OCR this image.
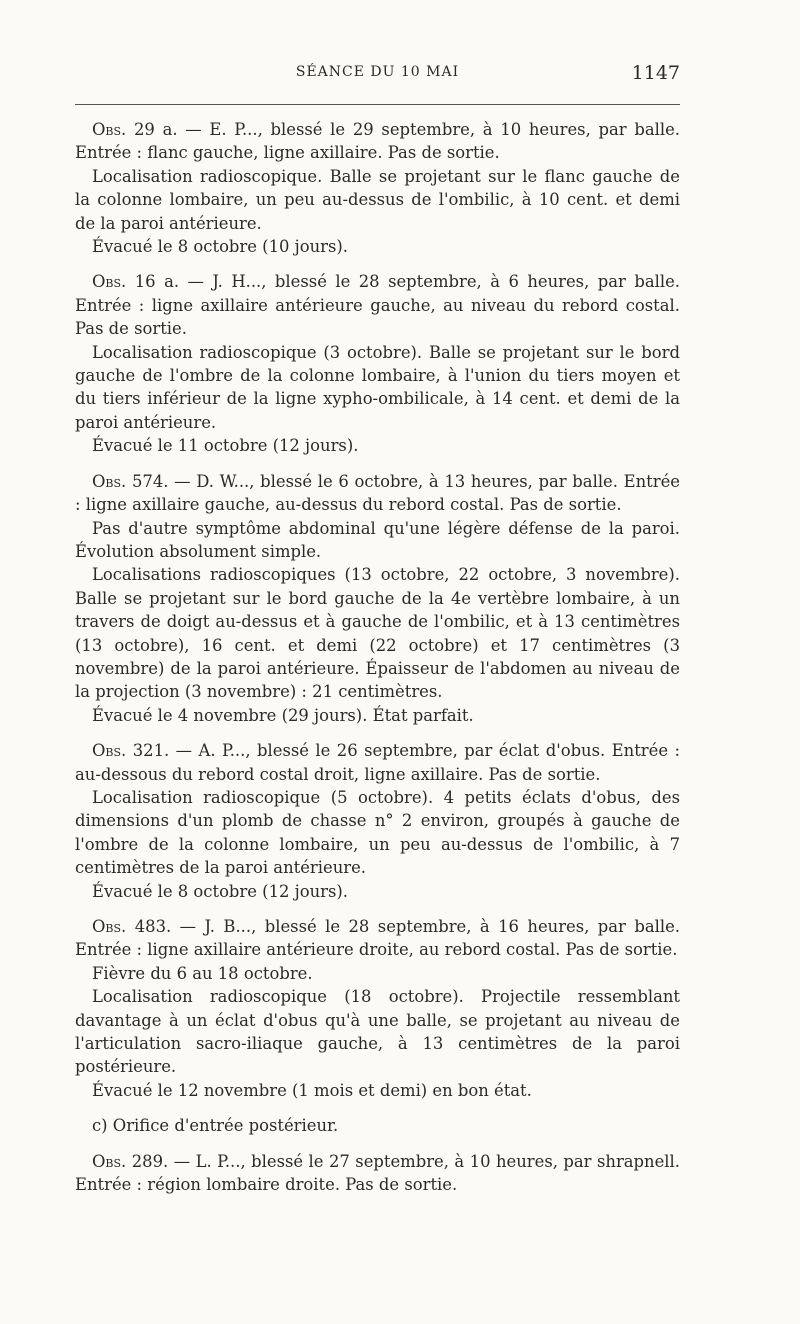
SÉANCE DU 10 MAI	1147

Obs. 29 a. — E. P..., blessé le 29 septembre, à 10 heures, par balle. Entrée : flanc gauche, ligne axillaire. Pas de sortie.

Localisation radioscopique. Balle se projetant sur le flanc gauche de la colonne lombaire, un peu au-dessus de l'ombilic, à 10 cent. et demi de la paroi antérieure.

Évacué le 8 octobre (10 jours).

Obs. 16 a. — J. H..., blessé le 28 septembre, à 6 heures, par balle. Entrée : ligne axillaire antérieure gauche, au niveau du rebord costal. Pas de sortie.

Localisation radioscopique (3 octobre). Balle se projetant sur le bord gauche de l'ombre de la colonne lombaire, à l'union du tiers moyen et du tiers inférieur de la ligne xypho-ombilicale, à 14 cent. et demi de la paroi antérieure.

Évacué le 11 octobre (12 jours).

Obs. 574. — D. W..., blessé le 6 octobre, à 13 heures, par balle. Entrée : ligne axillaire gauche, au-dessus du rebord costal. Pas de sortie.

Pas d'autre symptôme abdominal qu'une légère défense de la paroi. Évolution absolument simple.

Localisations radioscopiques (13 octobre, 22 octobre, 3 novembre). Balle se projetant sur le bord gauche de la 4e vertèbre lombaire, à un travers de doigt au-dessus et à gauche de l'ombilic, et à 13 centimètres (13 octobre), 16 cent. et demi (22 octobre) et 17 centimètres (3 novembre) de la paroi antérieure. Épaisseur de l'abdomen au niveau de la projection (3 novembre) : 21 centimètres.

Évacué le 4 novembre (29 jours). État parfait.

Obs. 321. — A. P..., blessé le 26 septembre, par éclat d'obus. Entrée : au-dessous du rebord costal droit, ligne axillaire. Pas de sortie.

Localisation radioscopique (5 octobre). 4 petits éclats d'obus, des dimensions d'un plomb de chasse n° 2 environ, groupés à gauche de l'ombre de la colonne lombaire, un peu au-dessus de l'ombilic, à 7 centimètres de la paroi antérieure.

Évacué le 8 octobre (12 jours).

Obs. 483. — J. B..., blessé le 28 septembre, à 16 heures, par balle. Entrée : ligne axillaire antérieure droite, au rebord costal. Pas de sortie.

Fièvre du 6 au 18 octobre.

Localisation radioscopique (18 octobre). Projectile ressemblant davantage à un éclat d'obus qu'à une balle, se projetant au niveau de l'articulation sacro-iliaque gauche, à 13 centimètres de la paroi postérieure.

Évacué le 12 novembre (1 mois et demi) en bon état.

c) Orifice d'entrée postérieur.

Obs. 289. — L. P..., blessé le 27 septembre, à 10 heures, par shrapnell. Entrée : région lombaire droite. Pas de sortie.
